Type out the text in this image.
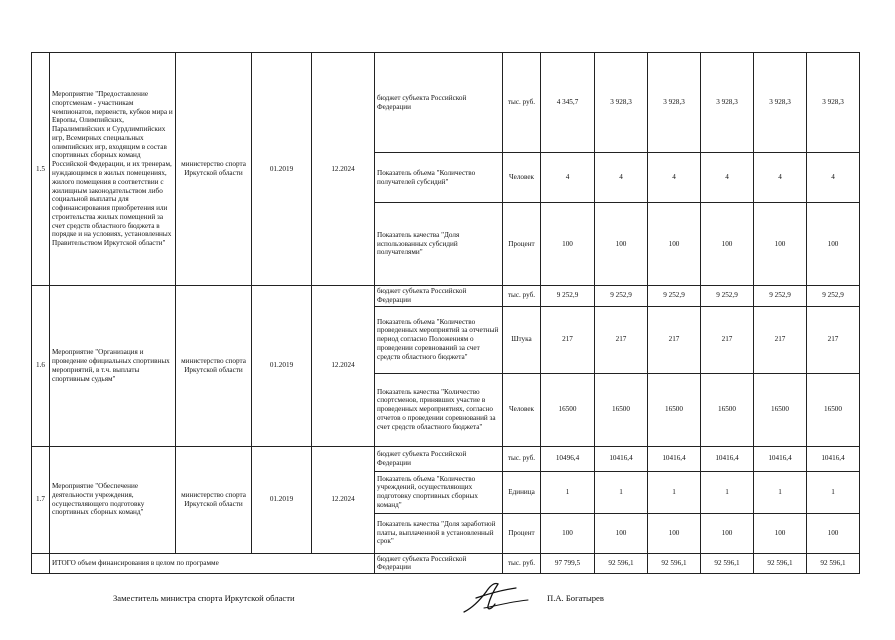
1.5	Мероприятие "Предоставление спортсменам - участникам чемпионатов, первенств, кубков мира и Европы, Олимпийских, Паралимпийских и Сурдлимпийских игр, Всемирных специальных олимпийских игр, входящим в состав спортивных сборных команд Российской Федерации, и их тренерам, нуждающимся в жилых помещениях, жилого помещения в соответствии с жилищным законодательством либо социальной выплаты для софинансирования приобретения или строительства жилых помещений за счет средств областного бюджета в порядке и на условиях, установленных Правительством Иркутской области"	министерство спорта Иркутской области	01.2019	12.2024	бюджет субъекта Российской Федерации	тыс. руб.	4 345,7	3 928,3	3 928,3	3 928,3	3 928,3	3 928,3
					Показатель объема "Количество получателей субсидий"	Человек	4	4	4	4	4	4
					Показатель качества "Доля использованных субсидий получателями"	Процент	100	100	100	100	100	100
1.6	Мероприятие "Организация и проведение официальных спортивных мероприятий, в т.ч. выплаты спортивным судьям"	министерство спорта Иркутской области	01.2019	12.2024	бюджет субъекта Российской Федерации	тыс. руб.	9 252,9	9 252,9	9 252,9	9 252,9	9 252,9	9 252,9
					Показатель объема "Количество проведенных мероприятий за отчетный период согласно Положениям о проведении соревнований за счет средств областного бюджета"	Штука	217	217	217	217	217	217
					Показатель качества "Количество спортсменов, принявших участие в проведенных мероприятиях, согласно отчетов о проведении соревнований за счет средств областного бюджета"	Человек	16500	16500	16500	16500	16500	16500
1.7	Мероприятие "Обеспечение деятельности учреждения, осуществляющего подготовку спортивных сборных команд"	министерство спорта Иркутской области	01.2019	12.2024	бюджет субъекта Российской Федерации	тыс. руб.	10496,4	10416,4	10416,4	10416,4	10416,4	10416,4
					Показатель объема "Количество учреждений, осуществляющих подготовку спортивных сборных команд"	Единица	1	1	1	1	1	1
					Показатель качества "Доля заработной платы, выплаченной в установленный срок"	Процент	100	100	100	100	100	100
	ИТОГО объем финансирования в целом по программе				бюджет субъекта Российской Федерации	тыс. руб.	97 799,5	92 596,1	92 596,1	92 596,1	92 596,1	92 596,1
Заместитель министра спорта Иркутской области	П.А. Богатырев
